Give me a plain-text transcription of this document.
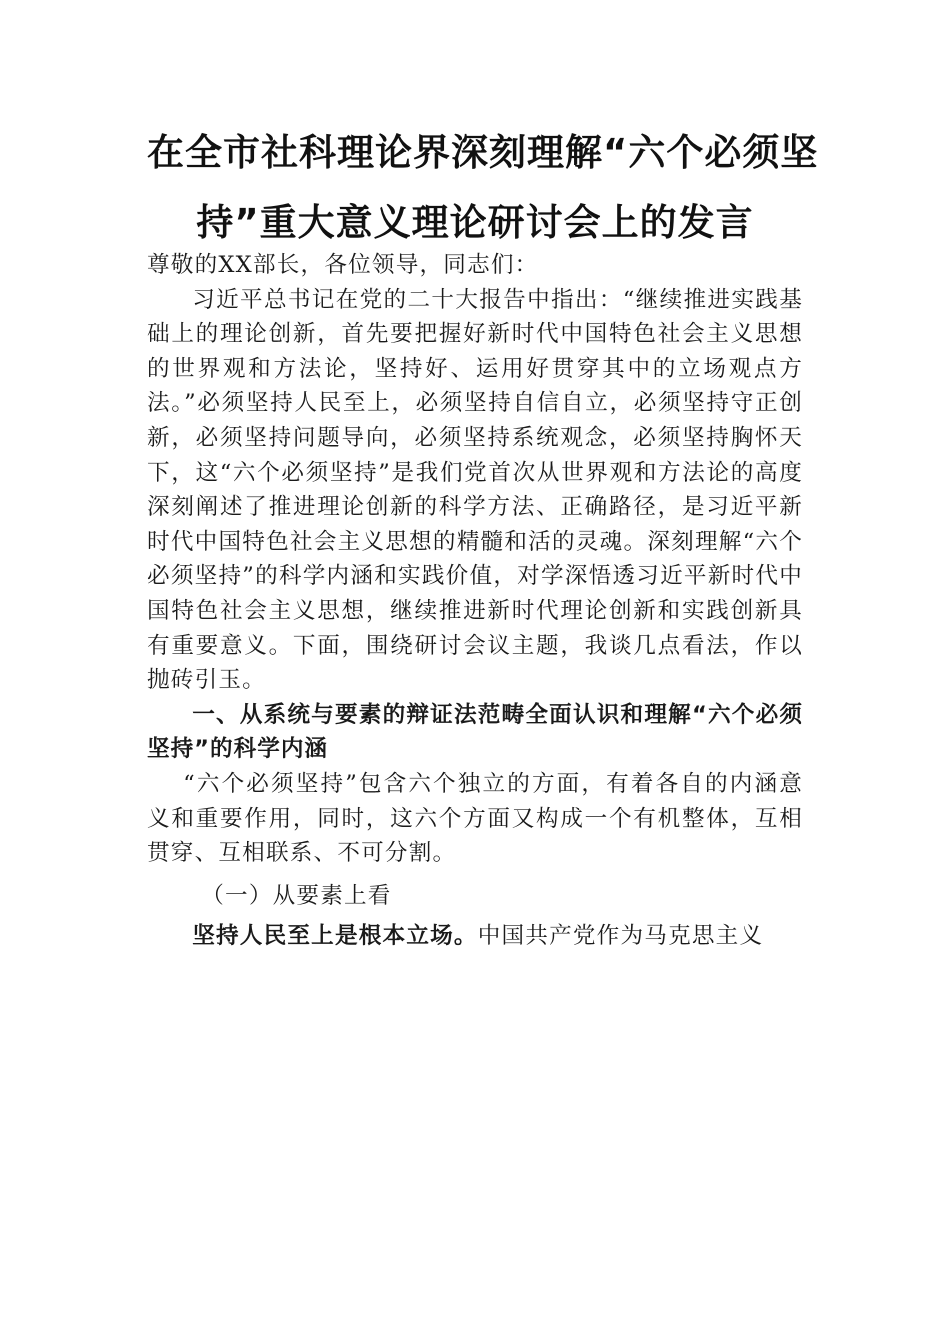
在全市社科理论界深刻理解“六个必须坚
持”重大意义理论研讨会上的发言

尊敬的XX部长，各位领导，同志们：

习近平总书记在党的二十大报告中指出：“继续推进实践基础上的理论创新，首先要把握好新时代中国特色社会主义思想的世界观和方法论，坚持好、运用好贯穿其中的立场观点方法。”必须坚持人民至上，必须坚持自信自立，必须坚持守正创新，必须坚持问题导向，必须坚持系统观念，必须坚持胸怀天下，这“六个必须坚持”是我们党首次从世界观和方法论的高度深刻阐述了推进理论创新的科学方法、正确路径，是习近平新时代中国特色社会主义思想的精髓和活的灵魂。深刻理解“六个必须坚持”的科学内涵和实践价值，对学深悟透习近平新时代中国特色社会主义思想，继续推进新时代理论创新和实践创新具有重要意义。下面，围绕研讨会议主题，我谈几点看法，作以抛砖引玉。

一、从系统与要素的辩证法范畴全面认识和理解“六个必须坚持”的科学内涵

“六个必须坚持”包含六个独立的方面，有着各自的内涵意义和重要作用，同时，这六个方面又构成一个有机整体，互相贯穿、互相联系、不可分割。

（一）从要素上看

坚持人民至上是根本立场。中国共产党作为马克思主义
